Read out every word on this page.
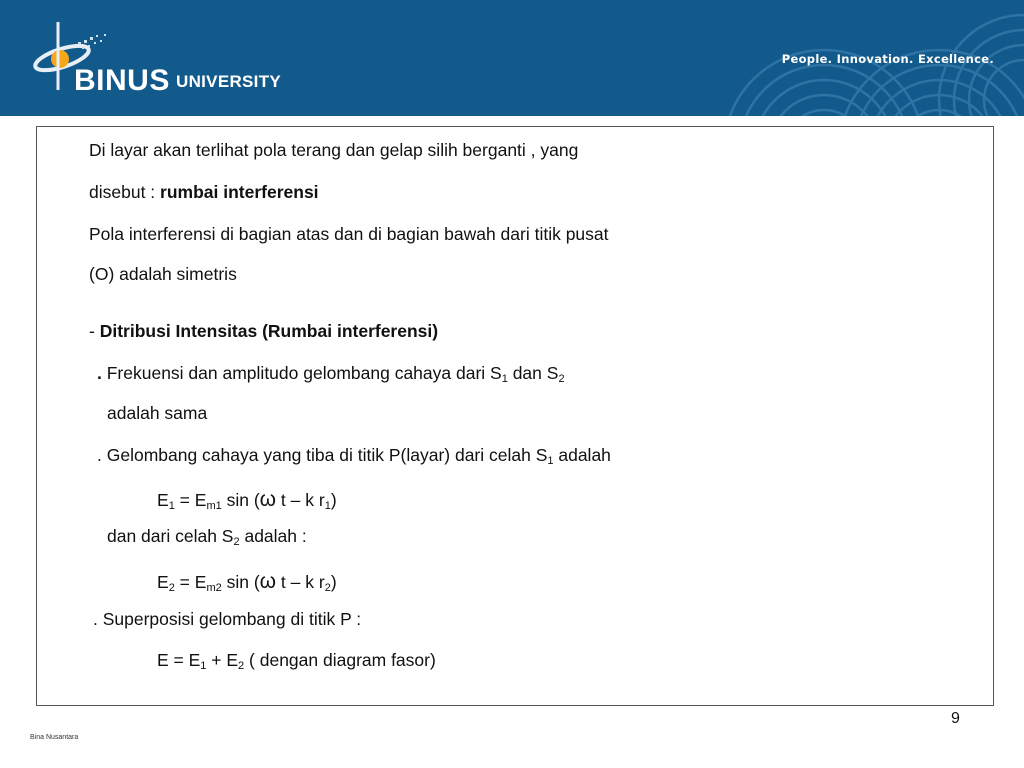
BINUS UNIVERSITY
People. Innovation. Excellence.
Di layar akan terlihat pola terang dan gelap silih berganti , yang
disebut : rumbai interferensi
Pola interferensi di bagian atas dan di bagian bawah dari titik pusat
(O) adalah simetris
- Ditribusi Intensitas (Rumbai interferensi)
. Frekuensi dan amplitudo gelombang cahaya dari $S_1$ dan $S_2$
adalah sama
. Gelombang cahaya yang tiba di titik P(layar) dari celah $S_1$ adalah
$E_1 = E_{m1}$ sin (ω t – k $r_1$)
dan dari celah $S_2$ adalah :
$E_2 = E_{m2}$ sin (ω t – k $r_2$)
. Superposisi gelombang di titik P :
$E = E_1 + E_2$ ( dengan diagram fasor)
9
Bina Nusantara
